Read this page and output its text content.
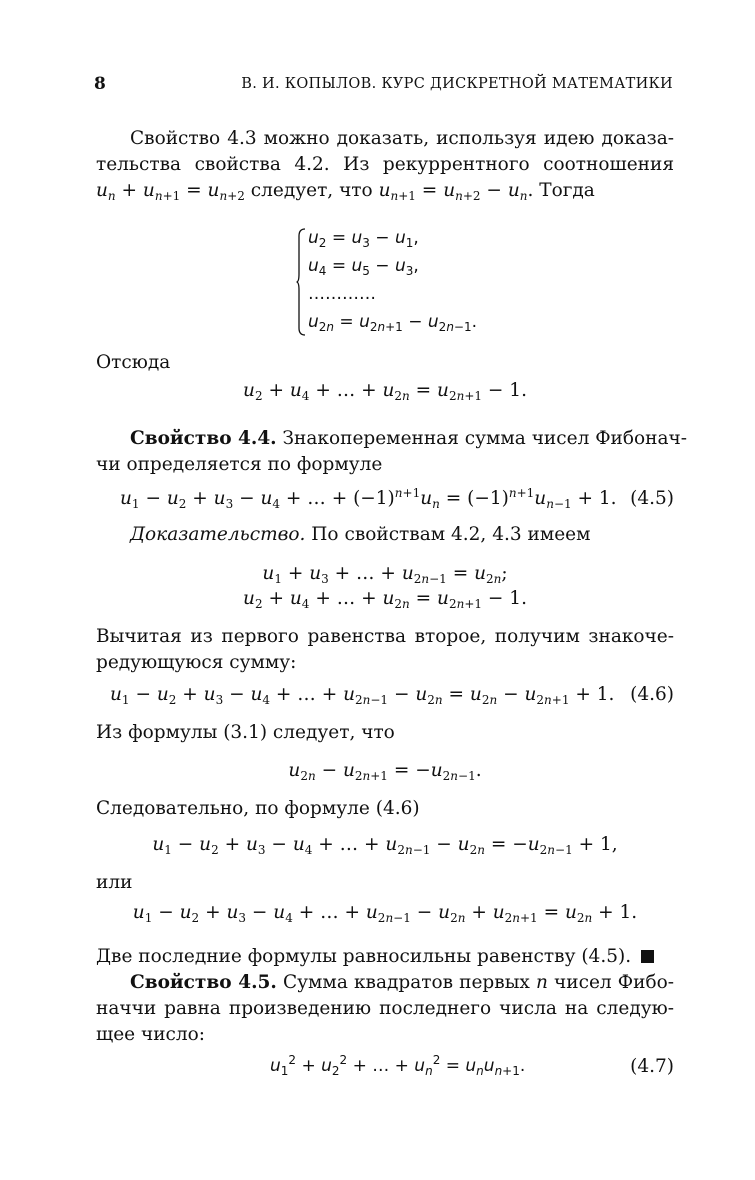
8	В. И. КОПЫЛОВ. КУРС ДИСКРЕТНОЙ МАТЕМАТИКИ
Свойство 4.3 можно доказать, используя идею доказа-
тельства свойства 4.2. Из рекуррентного соотношения
$u_n + u_{n+1} = u_{n+2}$ следует, что $u_{n+1} = u_{n+2} - u_n$. Тогда
$u_2 = u_3 - u_1$,
$u_4 = u_5 - u_3$,
…………
$u_{2n} = u_{2n+1} - u_{2n-1}$.
Отсюда
$u_2 + u_4$ + … + $u_{2n} = u_{2n+1} - 1$.
Свойство 4.4. Знакопеременная сумма чисел Фибонач-
чи определяется по формуле
$u_1 - u_2 + u_3 - u_4$ + … + $(-1)^{n+1}u_n = (-1)^{n+1}u_{n-1} + 1$. (4.5)
Доказательство. По свойствам 4.2, 4.3 имеем
$u_1 + u_3$ + … + $u_{2n-1} = u_{2n}$;
$u_2 + u_4$ + … + $u_{2n} = u_{2n+1} - 1$.
Вычитая из первого равенства второе, получим знакоче-
редующуюся сумму:
$u_1 - u_2 + u_3 - u_4$ + … + $u_{2n-1} - u_{2n} = u_{2n} - u_{2n+1} + 1$. (4.6)
Из формулы (3.1) следует, что
$u_{2n} - u_{2n+1} = -u_{2n-1}$.
Следовательно, по формуле (4.6)
$u_1 - u_2 + u_3 - u_4$ + … + $u_{2n-1} - u_{2n} = -u_{2n-1} + 1$,
или
$u_1 - u_2 + u_3 - u_4$ + … + $u_{2n-1} - u_{2n} + u_{2n+1} = u_{2n} + 1$.
Две последние формулы равносильны равенству (4.5).
Свойство 4.5. Сумма квадратов первых n чисел Фибо-
наччи равна произведению последнего числа на следую-
щее число:
$u_1^2 + u_2^2$ + … + $u_n^2 = u_nu_{n+1}$.	(4.7)
